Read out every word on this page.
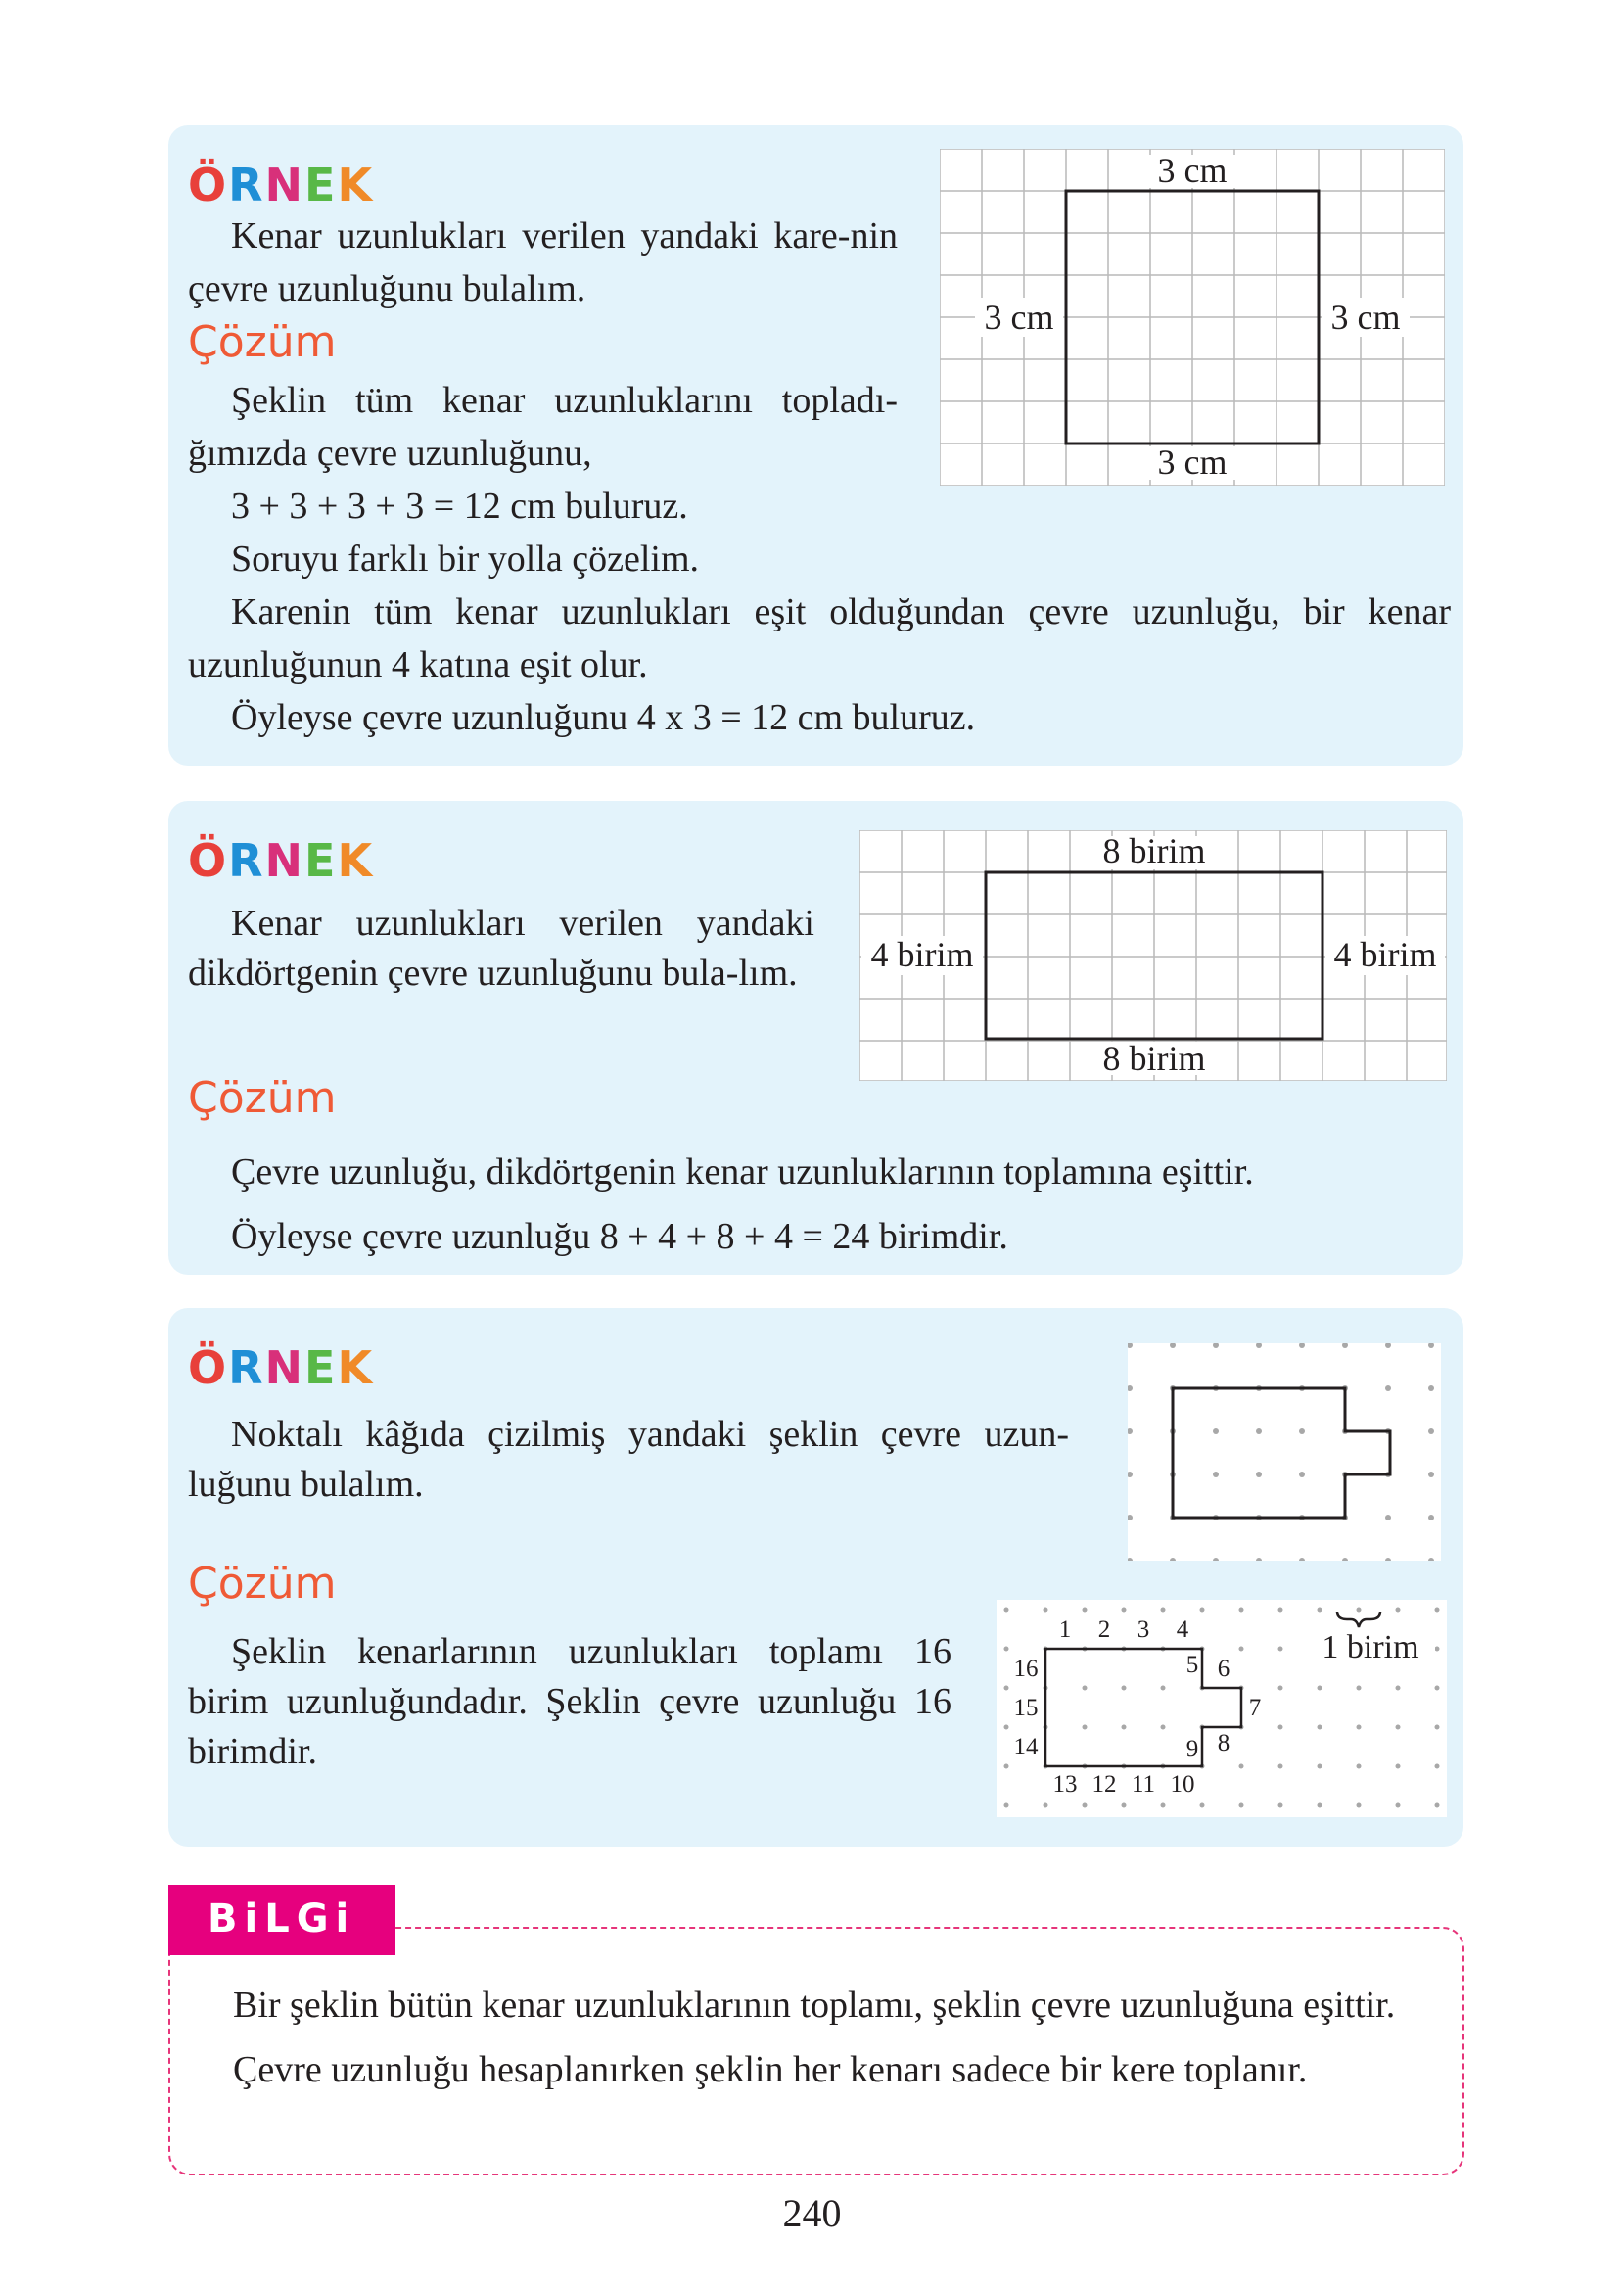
ÖRNEK
Kenar uzunlukları verilen yandaki kare-nin çevre uzunluğunu bulalım.
Çözüm

Şeklin tüm kenar uzunluklarını topladı-ğımızda çevre uzunluğunu,

3 + 3 + 3 + 3 = 12 cm buluruz.

Soruyu farklı bir yolla çözelim.

Karenin tüm kenar uzunlukları eşit olduğundan çevre uzunluğu, bir kenar uzunluğunun 4 katına eşit olur.

Öyleyse çevre uzunluğunu 4 x 3 = 12 cm buluruz.

3 cm
3 cm	3 cm
3 cm
ÖRNEK
Kenar uzunlukları verilen yandaki dikdörtgenin çevre uzunluğunu bula-lım.
Çözüm

Çevre uzunluğu, dikdörtgenin kenar uzunluklarının toplamına eşittir.

Öyleyse çevre uzunluğu 8 + 4 + 8 + 4 = 24 birimdir.

8 birim
4 birim	4 birim
8 birim
ÖRNEK
Noktalı kâğıda çizilmiş yandaki şeklin çevre uzun-luğunu bulalım.
Çözüm
Şeklin kenarlarının uzunlukları toplamı 16 birim uzunluğundadır. Şeklin çevre uzunluğu 16 birimdir.
1 2 3 4
5 6
7
8
9
10
11
12
13
14
15
16
1 birim

Bir şeklin bütün kenar uzunluklarının toplamı, şeklin çevre uzunluğuna eşittir.

Çevre uzunluğu hesaplanırken şeklin her kenarı sadece bir kere toplanır.

BiLGi
240
